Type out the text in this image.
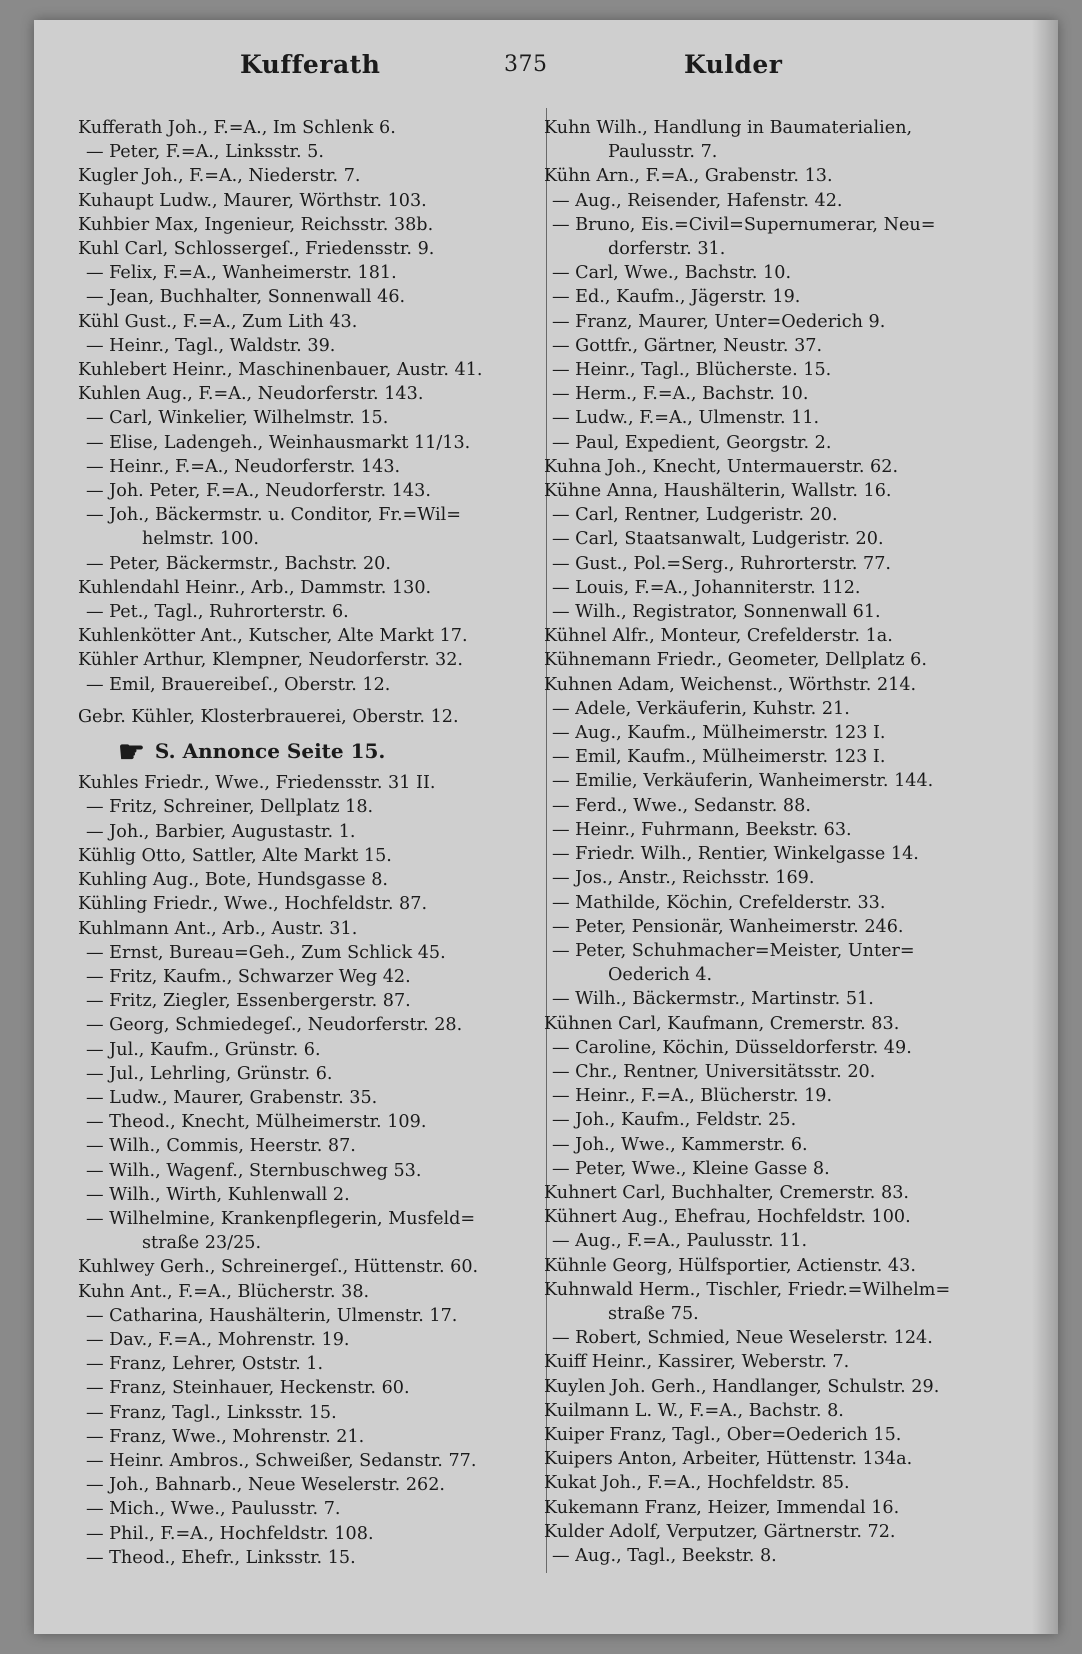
Kufferath	375	Kulder
Kufferath Joh., F.=A., Im Schlenk 6.
— Peter, F.=A., Linksstr. 5.
Kugler Joh., F.=A., Niederstr. 7.
Kuhaupt Ludw., Maurer, Wörthstr. 103.
Kuhbier Max, Ingenieur, Reichsstr. 38b.
Kuhl Carl, Schlossergeſ., Friedensstr. 9.
— Felix, F.=A., Wanheimerstr. 181.
— Jean, Buchhalter, Sonnenwall 46.
Kühl Gust., F.=A., Zum Lith 43.
— Heinr., Tagl., Waldstr. 39.
Kuhlebert Heinr., Maschinenbauer, Austr. 41.
Kuhlen Aug., F.=A., Neudorferstr. 143.
— Carl, Winkelier, Wilhelmstr. 15.
— Elise, Ladengeh., Weinhausmarkt 11/13.
— Heinr., F.=A., Neudorferstr. 143.
— Joh. Peter, F.=A., Neudorferstr. 143.
— Joh., Bäckermstr. u. Conditor, Fr.=Wil=
helmstr. 100.
— Peter, Bäckermstr., Bachstr. 20.
Kuhlendahl Heinr., Arb., Dammstr. 130.
— Pet., Tagl., Ruhrorterstr. 6.
Kuhlenkötter Ant., Kutscher, Alte Markt 17.
Kühler Arthur, Klempner, Neudorferstr. 32.
— Emil, Brauereibeſ., Oberstr. 12.
Gebr. Kühler, Klosterbrauerei, Oberstr. 12.
☛ S. Annonce Seite 15.
Kuhles Friedr., Wwe., Friedensstr. 31 II.
— Fritz, Schreiner, Dellplatz 18.
— Joh., Barbier, Augustastr. 1.
Kühlig Otto, Sattler, Alte Markt 15.
Kuhling Aug., Bote, Hundsgasse 8.
Kühling Friedr., Wwe., Hochfeldstr. 87.
Kuhlmann Ant., Arb., Austr. 31.
— Ernst, Bureau=Geh., Zum Schlick 45.
— Fritz, Kaufm., Schwarzer Weg 42.
— Fritz, Ziegler, Essenbergerstr. 87.
— Georg, Schmiedegeſ., Neudorferstr. 28.
— Jul., Kaufm., Grünstr. 6.
— Jul., Lehrling, Grünstr. 6.
— Ludw., Maurer, Grabenstr. 35.
— Theod., Knecht, Mülheimerstr. 109.
— Wilh., Commis, Heerstr. 87.
— Wilh., Wagenf., Sternbuschweg 53.
— Wilh., Wirth, Kuhlenwall 2.
— Wilhelmine, Krankenpflegerin, Musfeld=
straße 23/25.
Kuhlwey Gerh., Schreinergeſ., Hüttenstr. 60.
Kuhn Ant., F.=A., Blücherstr. 38.
— Catharina, Haushälterin, Ulmenstr. 17.
— Dav., F.=A., Mohrenstr. 19.
— Franz, Lehrer, Oststr. 1.
— Franz, Steinhauer, Heckenstr. 60.
— Franz, Tagl., Linksstr. 15.
— Franz, Wwe., Mohrenstr. 21.
— Heinr. Ambros., Schweißer, Sedanstr. 77.
— Joh., Bahnarb., Neue Weselerstr. 262.
— Mich., Wwe., Paulusstr. 7.
— Phil., F.=A., Hochfeldstr. 108.
— Theod., Ehefr., Linksstr. 15.
Kuhn Wilh., Handlung in Baumaterialien,
Paulusstr. 7.
Kühn Arn., F.=A., Grabenstr. 13.
— Aug., Reisender, Hafenstr. 42.
— Bruno, Eis.=Civil=Supernumerar, Neu=
dorferstr. 31.
— Carl, Wwe., Bachstr. 10.
— Ed., Kaufm., Jägerstr. 19.
— Franz, Maurer, Unter=Oederich 9.
— Gottfr., Gärtner, Neustr. 37.
— Heinr., Tagl., Blücherste. 15.
— Herm., F.=A., Bachstr. 10.
— Ludw., F.=A., Ulmenstr. 11.
— Paul, Expedient, Georgstr. 2.
Kuhna Joh., Knecht, Untermauerstr. 62.
Kühne Anna, Haushälterin, Wallstr. 16.
— Carl, Rentner, Ludgeristr. 20.
— Carl, Staatsanwalt, Ludgeristr. 20.
— Gust., Pol.=Serg., Ruhrorterstr. 77.
— Louis, F.=A., Johanniterstr. 112.
— Wilh., Registrator, Sonnenwall 61.
Kühnel Alfr., Monteur, Crefelderstr. 1a.
Kühnemann Friedr., Geometer, Dellplatz 6.
Kuhnen Adam, Weichenst., Wörthstr. 214.
— Adele, Verkäuferin, Kuhstr. 21.
— Aug., Kaufm., Mülheimerstr. 123 I.
— Emil, Kaufm., Mülheimerstr. 123 I.
— Emilie, Verkäuferin, Wanheimerstr. 144.
— Ferd., Wwe., Sedanstr. 88.
— Heinr., Fuhrmann, Beekstr. 63.
— Friedr. Wilh., Rentier, Winkelgasse 14.
— Jos., Anstr., Reichsstr. 169.
— Mathilde, Köchin, Crefelderstr. 33.
— Peter, Pensionär, Wanheimerstr. 246.
— Peter, Schuhmacher=Meister, Unter=
Oederich 4.
— Wilh., Bäckermstr., Martinstr. 51.
Kühnen Carl, Kaufmann, Cremerstr. 83.
— Caroline, Köchin, Düsseldorferstr. 49.
— Chr., Rentner, Universitätsstr. 20.
— Heinr., F.=A., Blücherstr. 19.
— Joh., Kaufm., Feldstr. 25.
— Joh., Wwe., Kammerstr. 6.
— Peter, Wwe., Kleine Gasse 8.
Kuhnert Carl, Buchhalter, Cremerstr. 83.
Kühnert Aug., Ehefrau, Hochfeldstr. 100.
— Aug., F.=A., Paulusstr. 11.
Kühnle Georg, Hülfsportier, Actienstr. 43.
Kuhnwald Herm., Tischler, Friedr.=Wilhelm=
straße 75.
— Robert, Schmied, Neue Weselerstr. 124.
Kuiff Heinr., Kassirer, Weberstr. 7.
Kuylen Joh. Gerh., Handlanger, Schulstr. 29.
Kuilmann L. W., F.=A., Bachstr. 8.
Kuiper Franz, Tagl., Ober=Oederich 15.
Kuipers Anton, Arbeiter, Hüttenstr. 134a.
Kukat Joh., F.=A., Hochfeldstr. 85.
Kukemann Franz, Heizer, Immendal 16.
Kulder Adolf, Verputzer, Gärtnerstr. 72.
— Aug., Tagl., Beekstr. 8.
